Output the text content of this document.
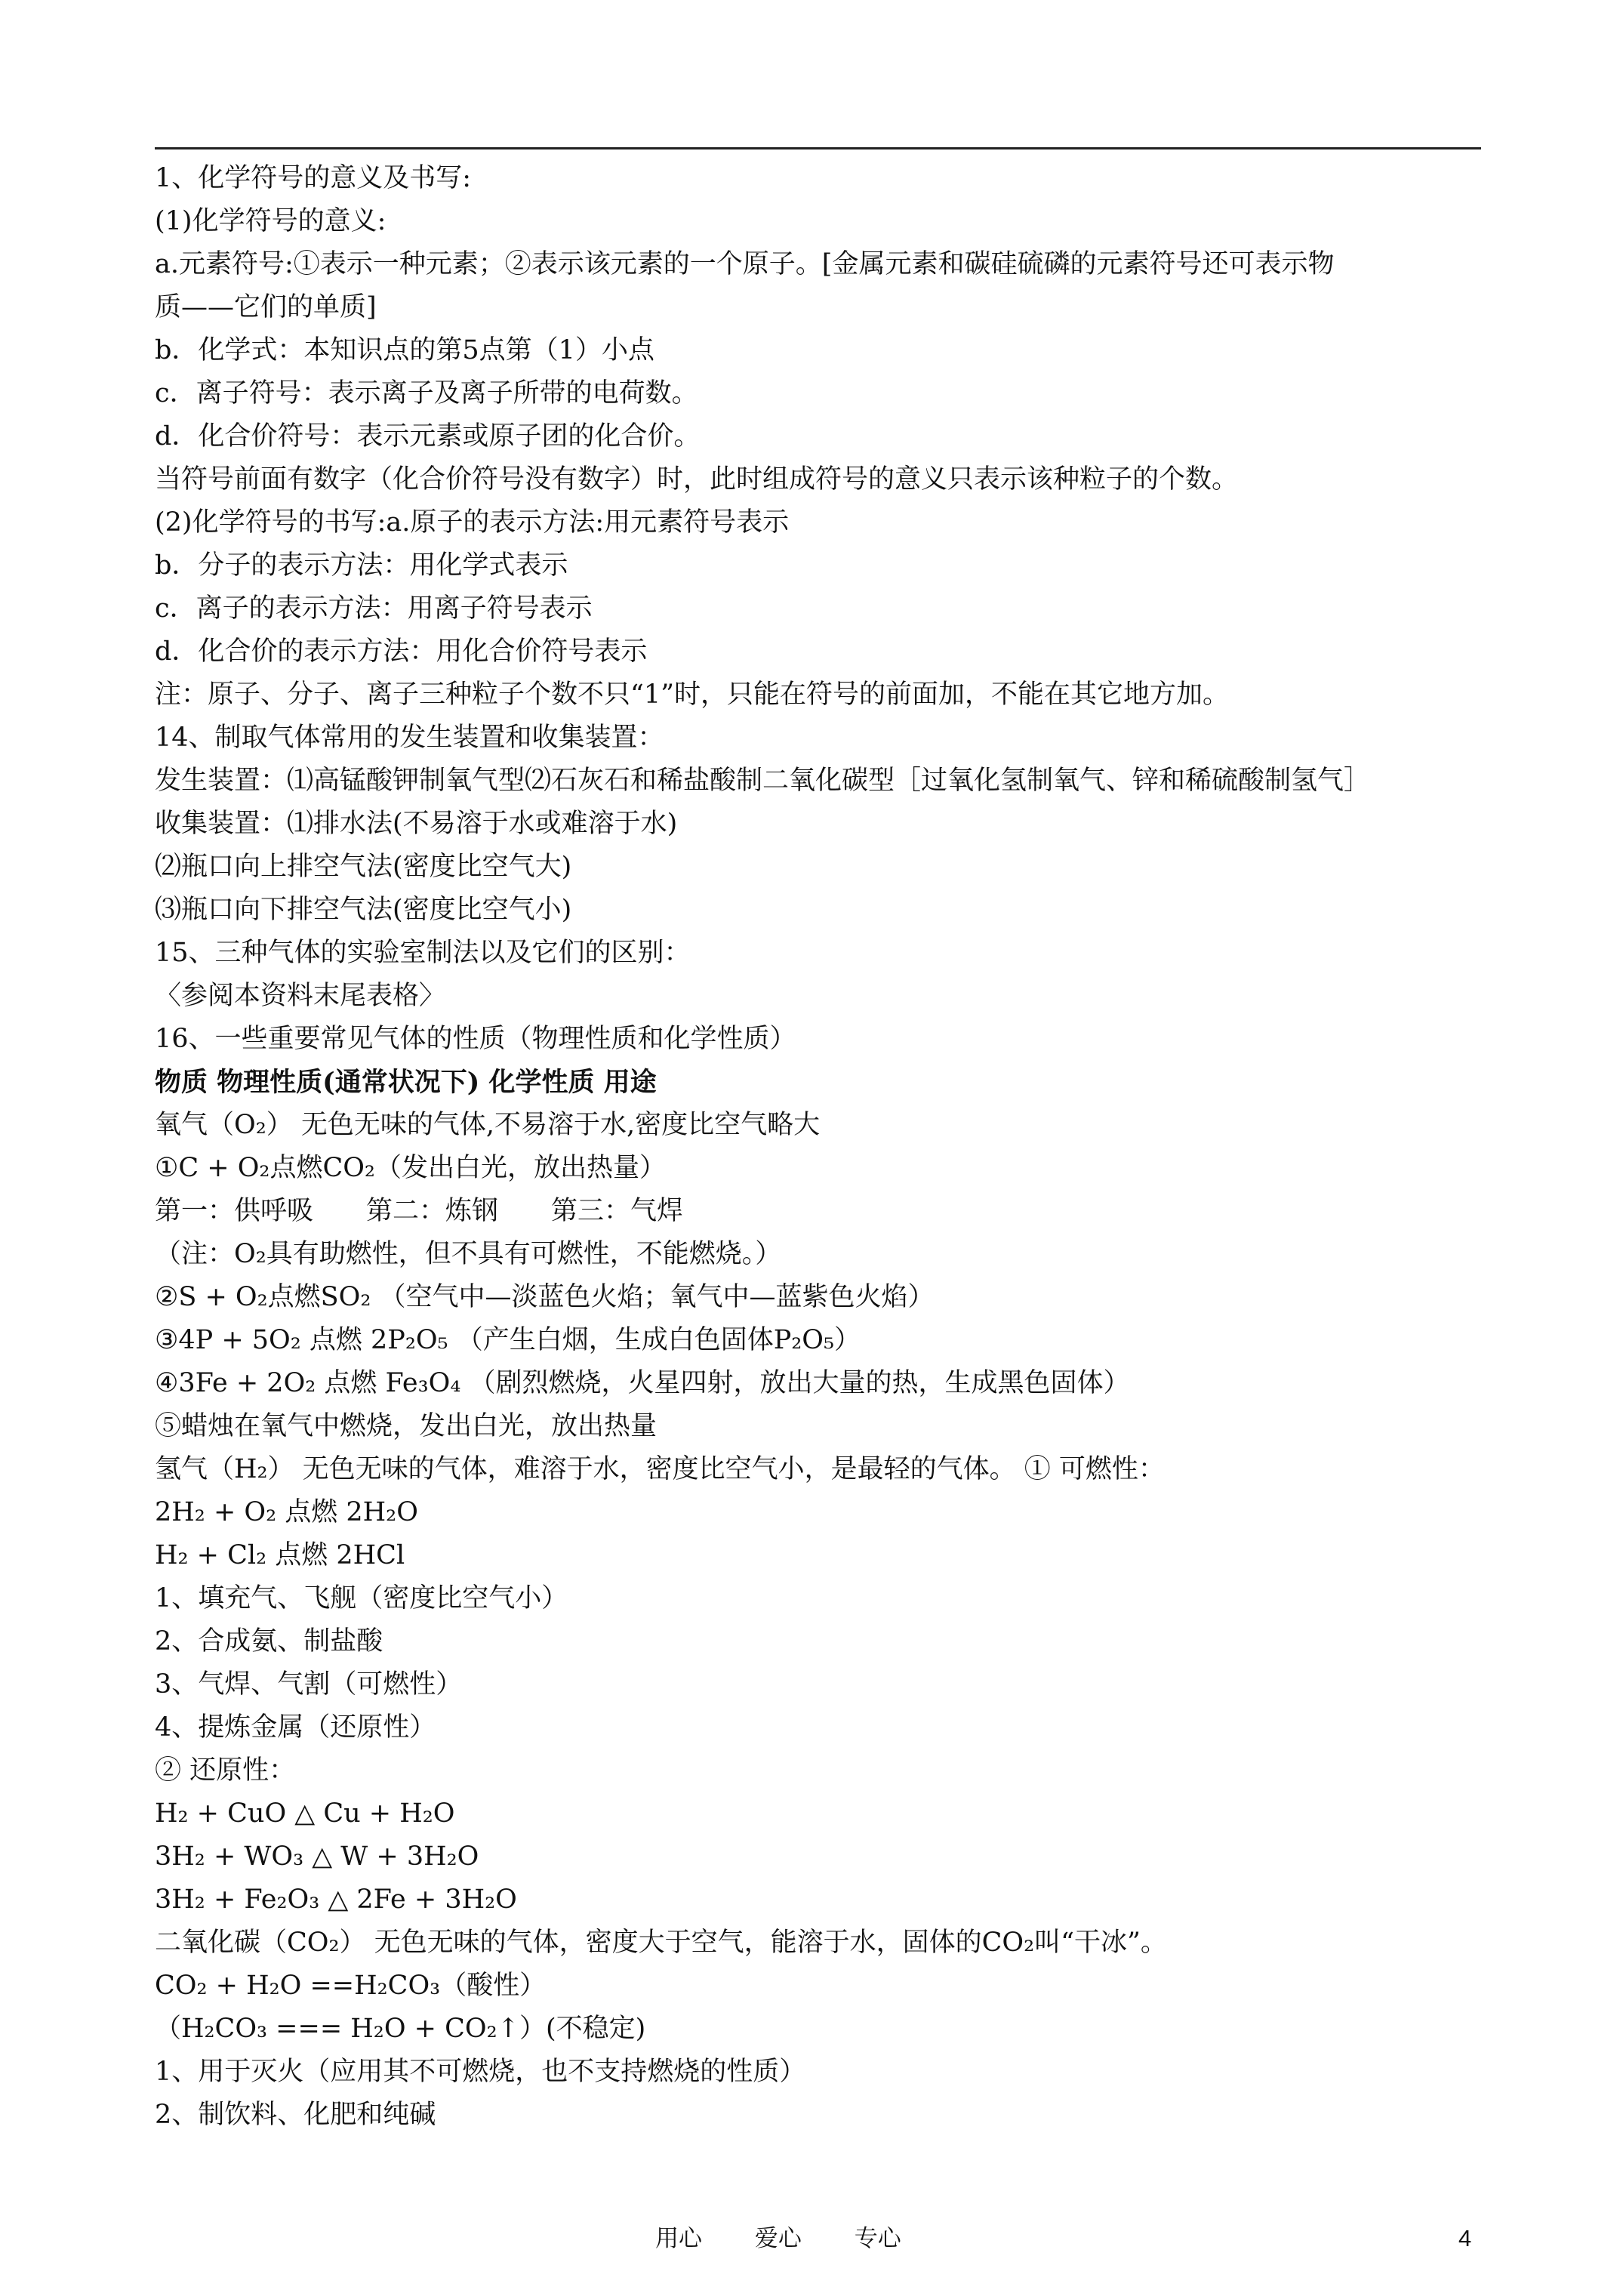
1、化学符号的意义及书写:
(1)化学符号的意义:
a.元素符号:①表示一种元素；②表示该元素的一个原子。[金属元素和碳硅硫磷的元素符号还可表示物
质——它们的单质]
b．化学式：本知识点的第5点第（1）小点
c．离子符号：表示离子及离子所带的电荷数。
d．化合价符号：表示元素或原子团的化合价。
当符号前面有数字（化合价符号没有数字）时，此时组成符号的意义只表示该种粒子的个数。
(2)化学符号的书写:a.原子的表示方法:用元素符号表示
b．分子的表示方法：用化学式表示
c．离子的表示方法：用离子符号表示
d．化合价的表示方法：用化合价符号表示
注：原子、分子、离子三种粒子个数不只“1”时，只能在符号的前面加，不能在其它地方加。
14、制取气体常用的发生装置和收集装置：
发生装置：⑴高锰酸钾制氧气型⑵石灰石和稀盐酸制二氧化碳型［过氧化氢制氧气、锌和稀硫酸制氢气］
收集装置：⑴排水法(不易溶于水或难溶于水)
⑵瓶口向上排空气法(密度比空气大)
⑶瓶口向下排空气法(密度比空气小)
15、三种气体的实验室制法以及它们的区别：
〈参阅本资料末尾表格〉
16、一些重要常见气体的性质（物理性质和化学性质）
物质 物理性质(通常状况下) 化学性质 用途
氧气（O₂） 无色无味的气体,不易溶于水,密度比空气略大
①C + O₂点燃CO₂（发出白光，放出热量）
第一：供呼吸　　第二：炼钢　　第三：气焊
（注：O₂具有助燃性，但不具有可燃性，不能燃烧。）
②S + O₂点燃SO₂ （空气中—淡蓝色火焰；氧气中—蓝紫色火焰）
③4P + 5O₂ 点燃 2P₂O₅ （产生白烟，生成白色固体P₂O₅）
④3Fe + 2O₂ 点燃 Fe₃O₄ （剧烈燃烧，火星四射，放出大量的热，生成黑色固体）
⑤蜡烛在氧气中燃烧，发出白光，放出热量
氢气（H₂） 无色无味的气体，难溶于水，密度比空气小，是最轻的气体。 ① 可燃性：
2H₂ + O₂ 点燃 2H₂O
H₂ + Cl₂ 点燃 2HCl
1、填充气、飞舰（密度比空气小）
2、合成氨、制盐酸
3、气焊、气割（可燃性）
4、提炼金属（还原性）
② 还原性：
H₂ + CuO △ Cu + H₂O
3H₂ + WO₃ △ W + 3H₂O
3H₂ + Fe₂O₃ △ 2Fe + 3H₂O
二氧化碳（CO₂） 无色无味的气体，密度大于空气，能溶于水，固体的CO₂叫“干冰”。
CO₂ + H₂O ==H₂CO₃（酸性）
（H₂CO₃ === H₂O + CO₂↑）(不稳定)
1、用于灭火（应用其不可燃烧，也不支持燃烧的性质）
2、制饮料、化肥和纯碱
用心 爱心 专心	4
